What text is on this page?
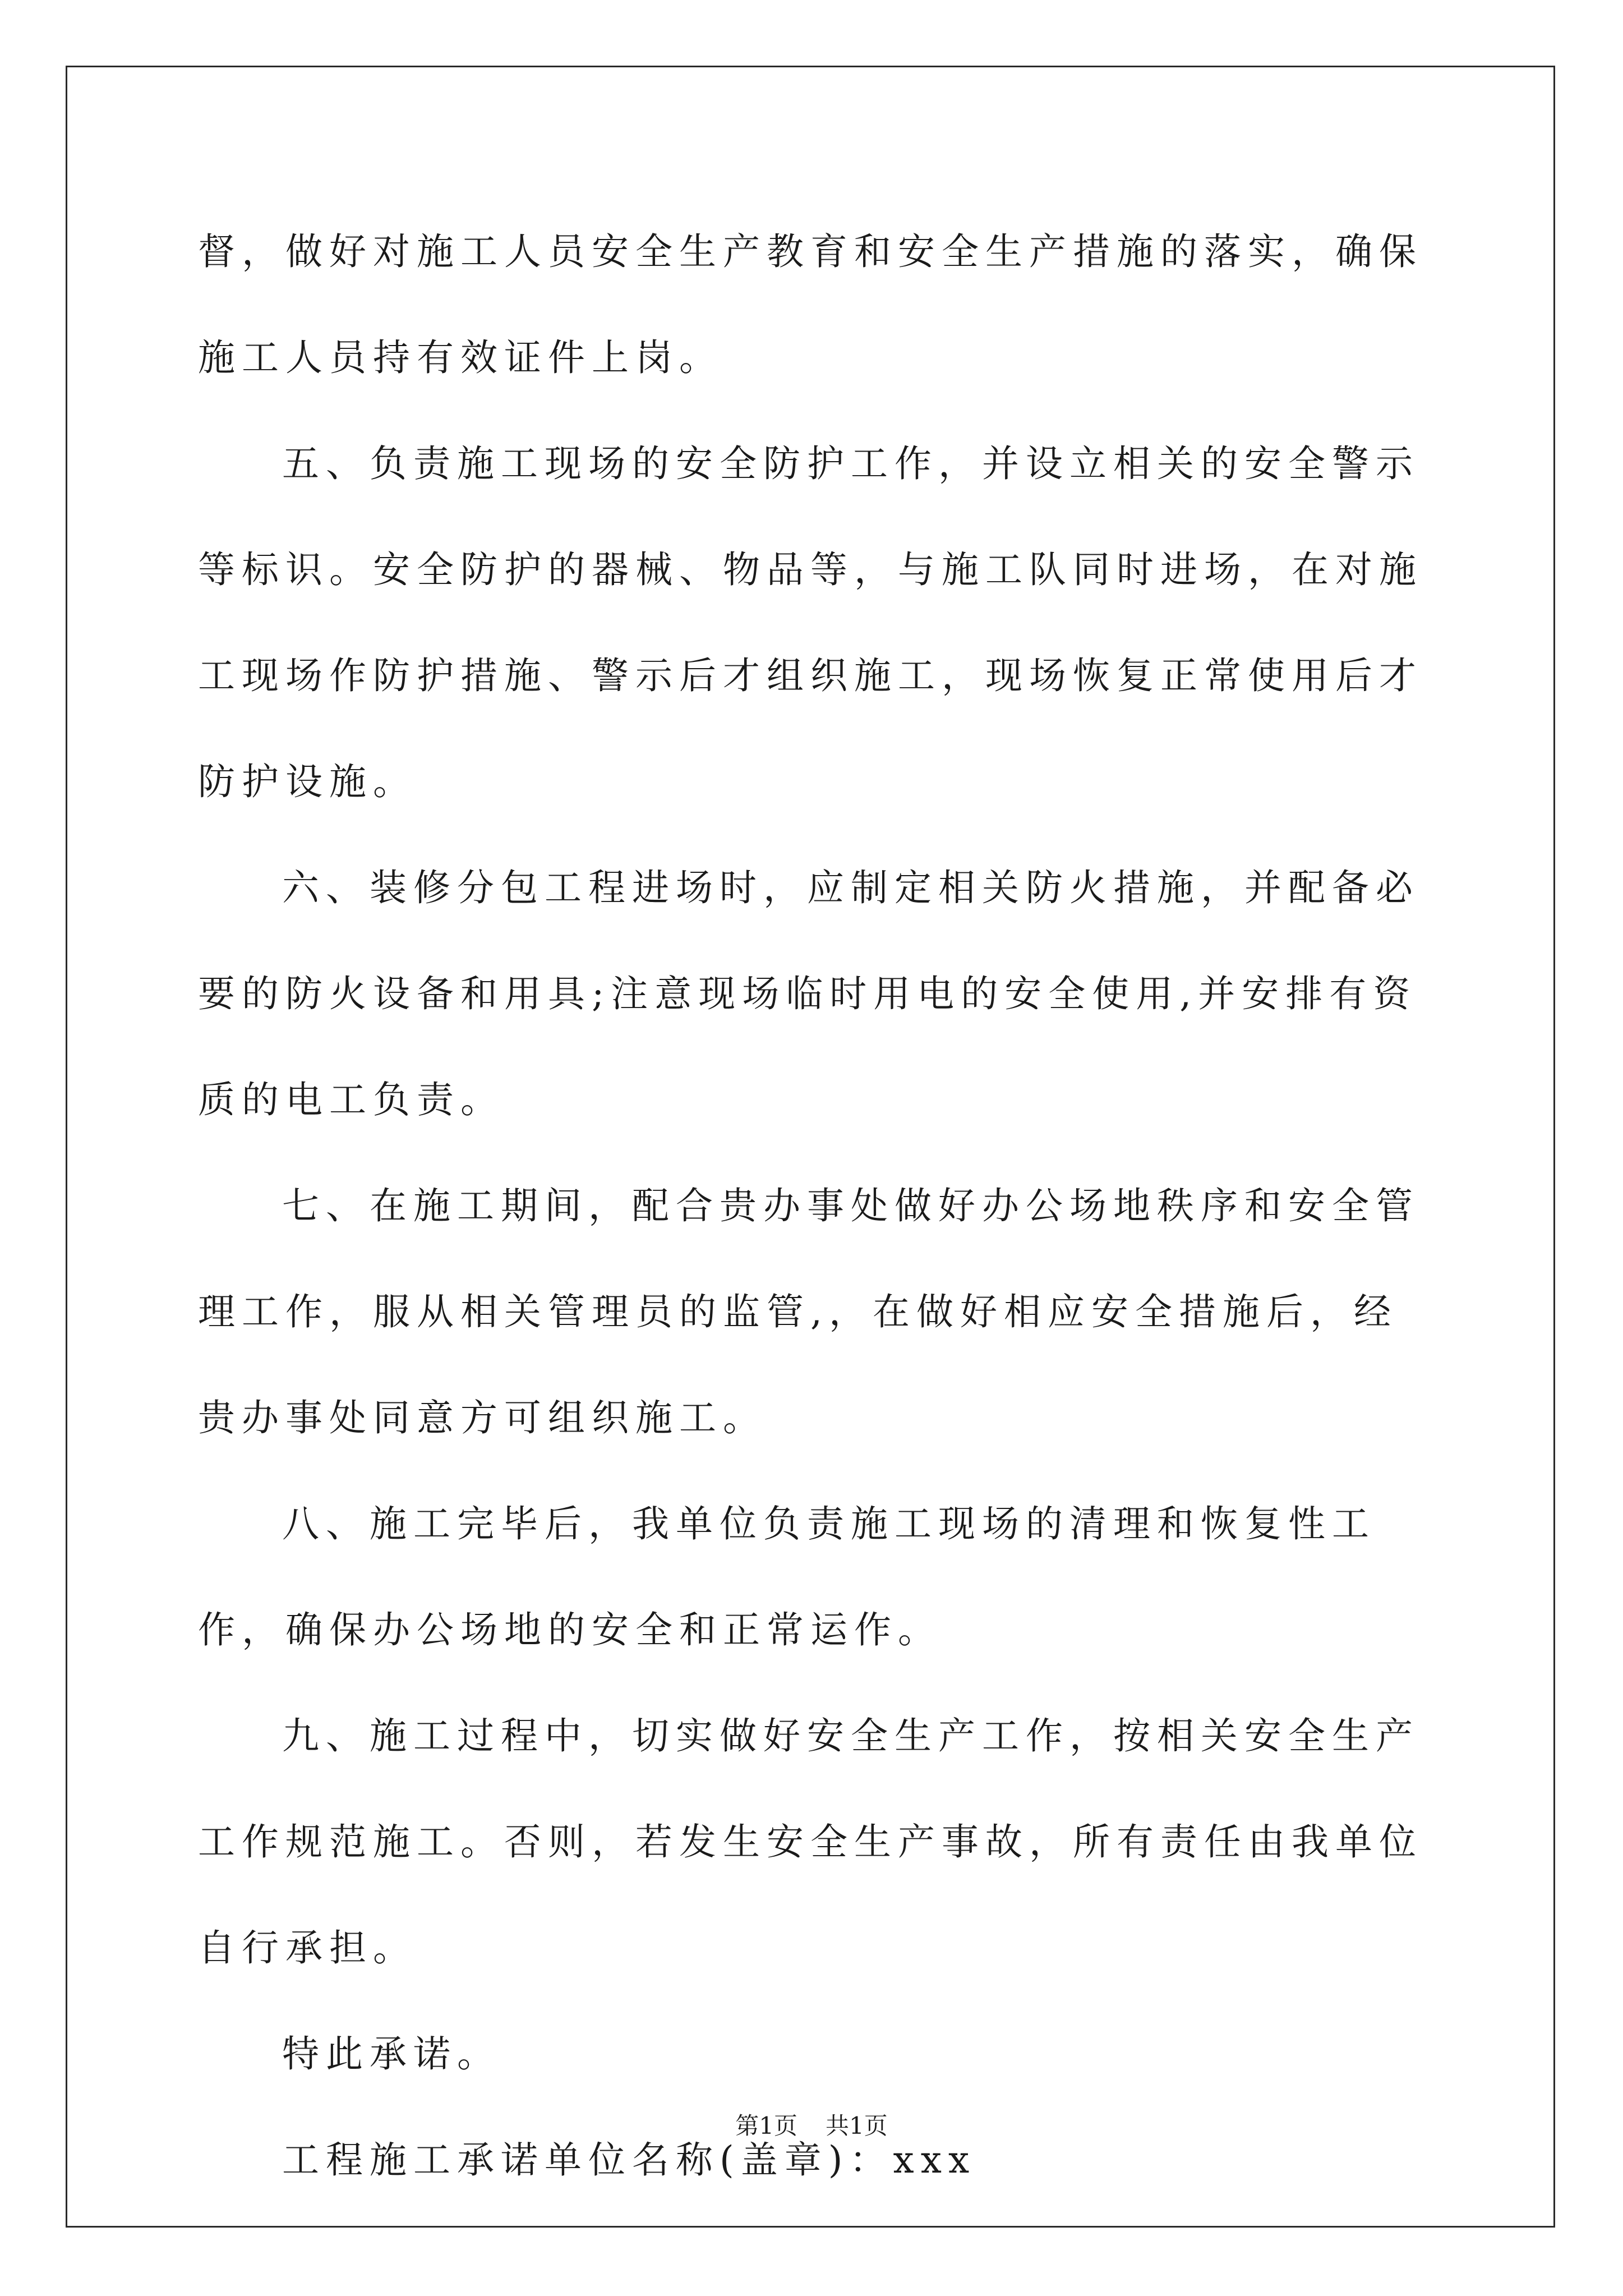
督，做好对施工人员安全生产教育和安全生产措施的落实，确保施工人员持有效证件上岗。

五、负责施工现场的安全防护工作，并设立相关的安全警示等标识。安全防护的器械、物品等，与施工队同时进场，在对施工现场作防护措施、警示后才组织施工，现场恢复正常使用后才防护设施。

六、装修分包工程进场时，应制定相关防火措施，并配备必要的防火设备和用具;注意现场临时用电的安全使用,并安排有资质的电工负责。

七、在施工期间，配合贵办事处做好办公场地秩序和安全管理工作，服从相关管理员的监管,，在做好相应安全措施后，经贵办事处同意方可组织施工。

八、施工完毕后，我单位负责施工现场的清理和恢复性工作，确保办公场地的安全和正常运作。

九、施工过程中，切实做好安全生产工作，按相关安全生产工作规范施工。否则，若发生安全生产事故，所有责任由我单位自行承担。

特此承诺。

工程施工承诺单位名称(盖章)：xxx

第1页 共1页
